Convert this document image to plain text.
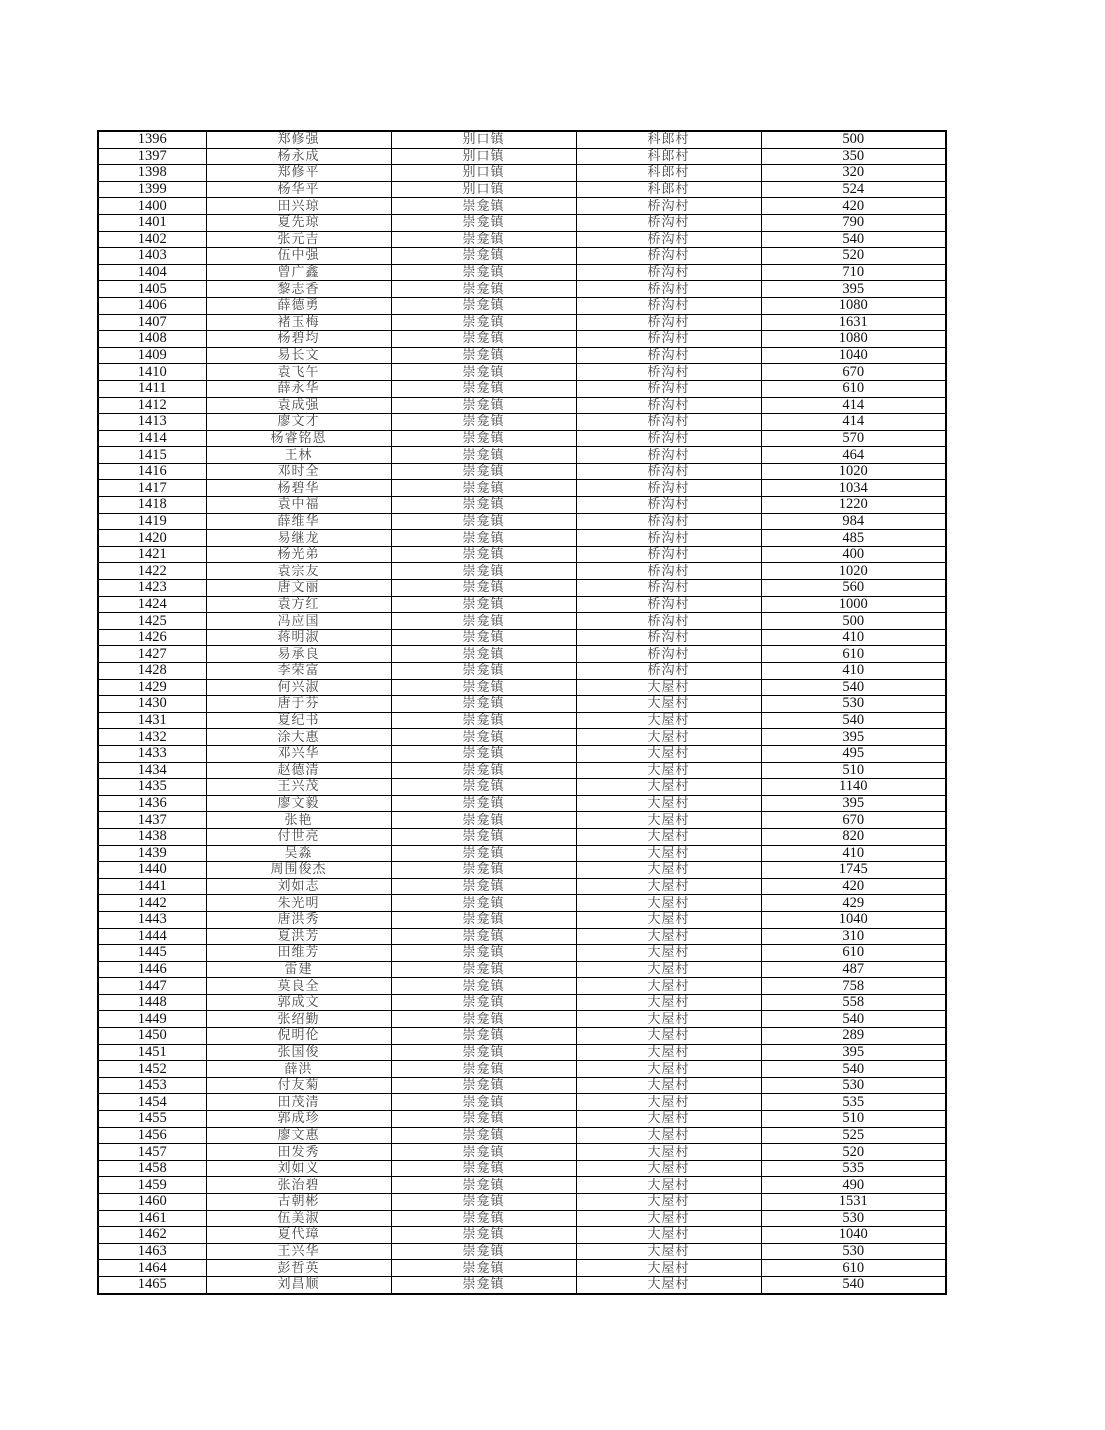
1396	郑修强	别口镇	科郎村	500
1397	杨永成	别口镇	科郎村	350
1398	郑修平	别口镇	科郎村	320
1399	杨华平	别口镇	科郎村	524
1400	田兴琼	崇龛镇	桥沟村	420
1401	夏先琼	崇龛镇	桥沟村	790
1402	张元吉	崇龛镇	桥沟村	540
1403	伍中强	崇龛镇	桥沟村	520
1404	曾广鑫	崇龛镇	桥沟村	710
1405	黎志香	崇龛镇	桥沟村	395
1406	薛德勇	崇龛镇	桥沟村	1080
1407	褚玉梅	崇龛镇	桥沟村	1631
1408	杨碧均	崇龛镇	桥沟村	1080
1409	易长文	崇龛镇	桥沟村	1040
1410	袁飞午	崇龛镇	桥沟村	670
1411	薛永华	崇龛镇	桥沟村	610
1412	袁成强	崇龛镇	桥沟村	414
1413	廖文才	崇龛镇	桥沟村	414
1414	杨睿铭恩	崇龛镇	桥沟村	570
1415	王林	崇龛镇	桥沟村	464
1416	邓时全	崇龛镇	桥沟村	1020
1417	杨碧华	崇龛镇	桥沟村	1034
1418	袁中福	崇龛镇	桥沟村	1220
1419	薛维华	崇龛镇	桥沟村	984
1420	易继龙	崇龛镇	桥沟村	485
1421	杨光弟	崇龛镇	桥沟村	400
1422	袁宗友	崇龛镇	桥沟村	1020
1423	唐文丽	崇龛镇	桥沟村	560
1424	袁方红	崇龛镇	桥沟村	1000
1425	冯应国	崇龛镇	桥沟村	500
1426	蒋明淑	崇龛镇	桥沟村	410
1427	易承良	崇龛镇	桥沟村	610
1428	李荣富	崇龛镇	桥沟村	410
1429	何兴淑	崇龛镇	大屋村	540
1430	唐于芬	崇龛镇	大屋村	530
1431	夏纪书	崇龛镇	大屋村	540
1432	涂大惠	崇龛镇	大屋村	395
1433	邓兴华	崇龛镇	大屋村	495
1434	赵德清	崇龛镇	大屋村	510
1435	王兴茂	崇龛镇	大屋村	1140
1436	廖文毅	崇龛镇	大屋村	395
1437	张艳	崇龛镇	大屋村	670
1438	付世亮	崇龛镇	大屋村	820
1439	吴淼	崇龛镇	大屋村	410
1440	周围俊杰	崇龛镇	大屋村	1745
1441	刘如志	崇龛镇	大屋村	420
1442	朱光明	崇龛镇	大屋村	429
1443	唐洪秀	崇龛镇	大屋村	1040
1444	夏洪芳	崇龛镇	大屋村	310
1445	田维芳	崇龛镇	大屋村	610
1446	雷建	崇龛镇	大屋村	487
1447	莫良全	崇龛镇	大屋村	758
1448	郭成文	崇龛镇	大屋村	558
1449	张绍勤	崇龛镇	大屋村	540
1450	倪明伦	崇龛镇	大屋村	289
1451	张国俊	崇龛镇	大屋村	395
1452	薛洪	崇龛镇	大屋村	540
1453	付友菊	崇龛镇	大屋村	530
1454	田茂清	崇龛镇	大屋村	535
1455	郭成珍	崇龛镇	大屋村	510
1456	廖文惠	崇龛镇	大屋村	525
1457	田发秀	崇龛镇	大屋村	520
1458	刘如义	崇龛镇	大屋村	535
1459	张治碧	崇龛镇	大屋村	490
1460	古朝彬	崇龛镇	大屋村	1531
1461	伍美淑	崇龛镇	大屋村	530
1462	夏代璋	崇龛镇	大屋村	1040
1463	王兴华	崇龛镇	大屋村	530
1464	彭哲英	崇龛镇	大屋村	610
1465	刘昌顺	崇龛镇	大屋村	540
